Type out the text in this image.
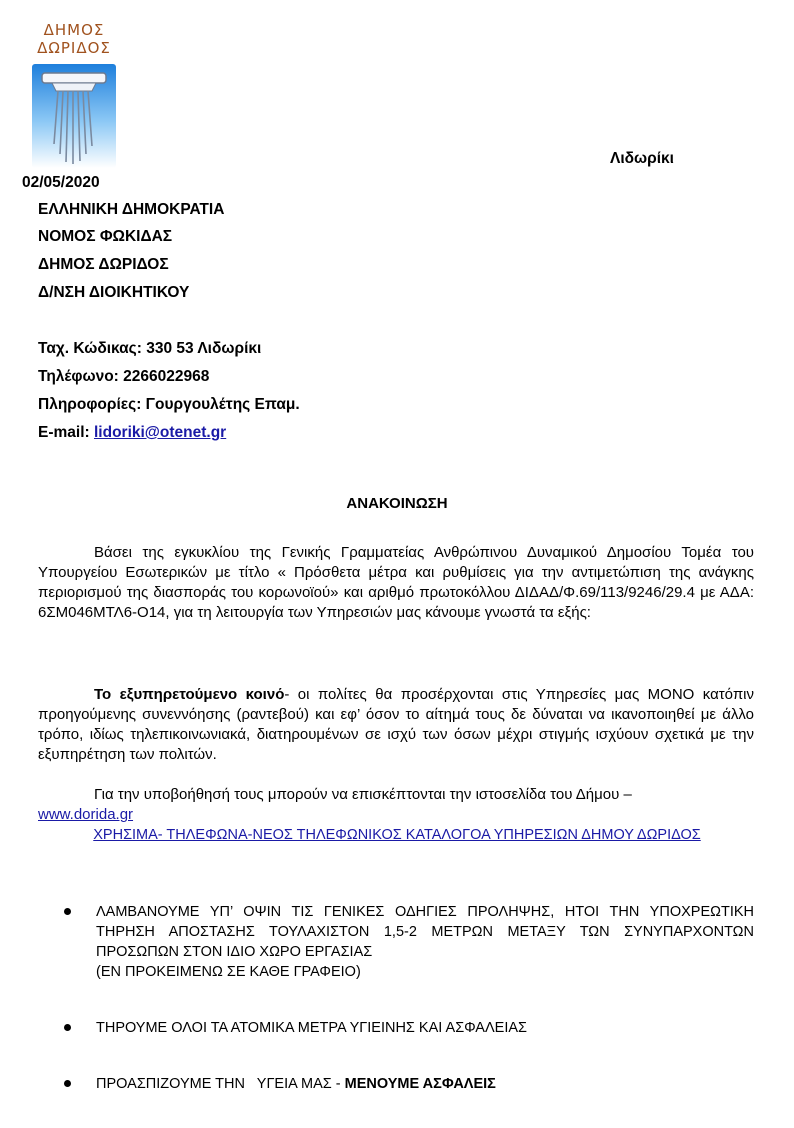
ΔΗΜΟΣ
ΔΩΡΙΔΟΣ
Λιδωρίκι
02/05/2020
ΕΛΛΗΝΙΚΗ ΔΗΜΟΚΡΑΤΙΑ
ΝΟΜΟΣ ΦΩΚΙΔΑΣ
ΔΗΜΟΣ ΔΩΡΙΔΟΣ
Δ/ΝΣΗ ΔΙΟΙΚΗΤΙΚΟΥ
Ταχ. Κώδικας: 330 53 Λιδωρίκι
Τηλέφωνο: 2266022968
Πληροφορίες: Γουργουλέτης Επαμ.
E-mail: lidoriki@otenet.gr
ΑΝΑΚΟΙΝΩΣΗ
Βάσει της εγκυκλίου της Γενικής Γραμματείας Ανθρώπινου Δυναμικού Δημοσίου Τομέα του Υπουργείου Εσωτερικών με τίτλο « Πρόσθετα μέτρα και ρυθμίσεις για την αντιμετώπιση της ανάγκης περιορισμού της διασποράς του κορωνοϊού» και αριθμό πρωτοκόλλου ΔΙΔΑΔ/Φ.69/113/9246/29.4 με ΑΔΑ: 6ΣΜ046ΜΤΛ6-Ο14, για τη λειτουργία των Υπηρεσιών μας κάνουμε γνωστά τα εξής:
Το εξυπηρετούμενο κοινό- οι πολίτες θα προσέρχονται στις Υπηρεσίες μας ΜΟΝΟ κατόπιν προηγούμενης συνεννόησης (ραντεβού) και εφ’ όσον το αίτημά τους δε δύναται να ικανοποιηθεί με άλλο τρόπο, ιδίως τηλεπικοινωνιακά, διατηρουμένων σε ισχύ των όσων μέχρι στιγμής ισχύουν σχετικά με την εξυπηρέτηση των πολιτών.
Για την υποβοήθησή τους μπορούν να επισκέπτονται την ιστοσελίδα του Δήμου –
www.dorida.gr
ΧΡΗΣΙΜΑ- ΤΗΛΕΦΩΝΑ-ΝΕΟΣ ΤΗΛΕΦΩΝΙΚΟΣ ΚΑΤΑΛΟΓΟΑ ΥΠΗΡΕΣΙΩΝ ΔΗΜΟΥ ΔΩΡΙΔΟΣ
ΛΑΜΒΑΝΟΥΜΕ ΥΠ’ ΟΨΙΝ ΤΙΣ ΓΕΝΙΚΕΣ ΟΔΗΓΙΕΣ ΠΡΟΛΗΨΗΣ, ΗΤΟΙ ΤΗΝ ΥΠΟΧΡΕΩΤΙΚΗ ΤΗΡΗΣΗ ΑΠΟΣΤΑΣΗΣ ΤΟΥΛΑΧΙΣΤΟΝ 1,5-2 ΜΕΤΡΩΝ ΜΕΤΑΞΥ ΤΩΝ ΣΥΝΥΠΑΡΧΟΝΤΩΝ ΠΡΟΣΩΠΩΝ ΣΤΟΝ ΙΔΙΟ ΧΩΡΟ ΕΡΓΑΣΙΑΣ
(ΕΝ ΠΡΟΚΕΙΜΕΝΩ ΣΕ ΚΑΘΕ ΓΡΑΦΕΙΟ)
ΤΗΡΟΥΜΕ ΟΛΟΙ ΤΑ ΑΤΟΜΙΚΑ ΜΕΤΡΑ ΥΓΙΕΙΝΗΣ ΚΑΙ ΑΣΦΑΛΕΙΑΣ
ΠΡΟΑΣΠΙΖΟΥΜΕ ΤΗΝ   ΥΓΕΙΑ ΜΑΣ - ΜΕΝΟΥΜΕ ΑΣΦΑΛΕΙΣ
